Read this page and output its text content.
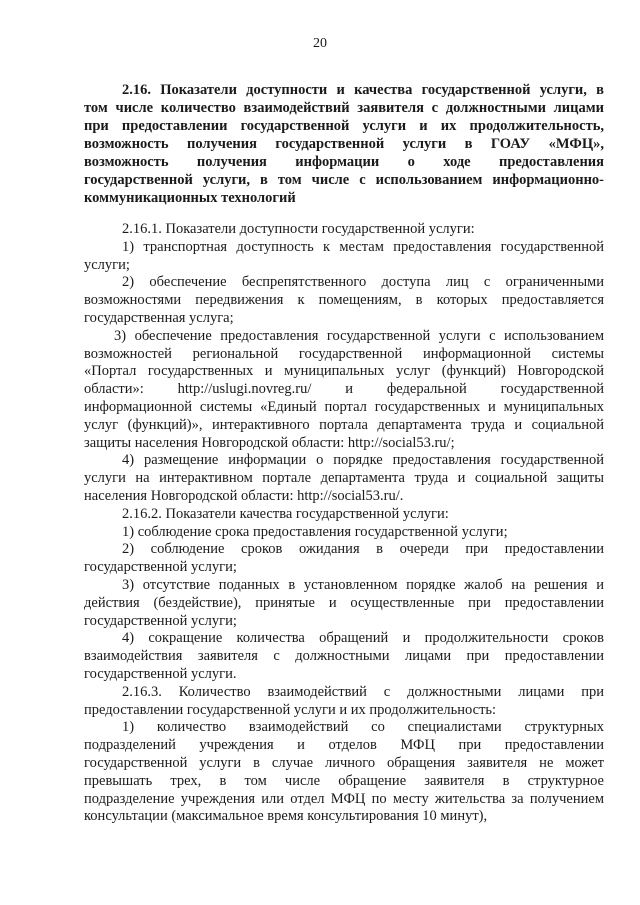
20
2.16. Показатели доступности и качества государственной услуги, в
том числе количество взаимодействий заявителя с должностными лицами
при предоставлении государственной услуги и их продолжительность,
возможность получения государственной услуги в ГОАУ «МФЦ»,
возможность получения информации о ходе предоставления
государственной услуги, в том числе с использованием информационно-
коммуникационных технологий
2.16.1. Показатели доступности государственной услуги:
1) транспортная доступность к местам предоставления государственной
услуги;
2) обеспечение беспрепятственного доступа лиц с ограниченными
возможностями передвижения к помещениям, в которых предоставляется
государственная услуга;
3) обеспечение предоставления государственной услуги с использованием
возможностей региональной государственной информационной системы
«Портал государственных и муниципальных услуг (функций) Новгородской
области»: http://uslugi.novreg.ru/ и федеральной государственной
информационной системы «Единый портал государственных и муниципальных
услуг (функций)», интерактивного портала департамента труда и социальной
защиты населения Новгородской области: http://social53.ru/;
4) размещение информации о порядке предоставления государственной
услуги на интерактивном портале департамента труда и социальной защиты
населения Новгородской области: http://social53.ru/.
2.16.2. Показатели качества государственной услуги:
1) соблюдение срока предоставления государственной услуги;
2) соблюдение сроков ожидания в очереди при предоставлении
государственной услуги;
3) отсутствие поданных в установленном порядке жалоб на решения и
действия (бездействие), принятые и осуществленные при предоставлении
государственной услуги;
4) сокращение количества обращений и продолжительности сроков
взаимодействия заявителя с должностными лицами при предоставлении
государственной услуги.
2.16.3. Количество взаимодействий с должностными лицами при
предоставлении государственной услуги и их продолжительность:
1) количество взаимодействий со специалистами структурных
подразделений учреждения и отделов МФЦ при предоставлении
государственной услуги в случае личного обращения заявителя не может
превышать трех, в том числе обращение заявителя в структурное
подразделение учреждения или отдел МФЦ по месту жительства за получением
консультации (максимальное время консультирования 10 минут),
